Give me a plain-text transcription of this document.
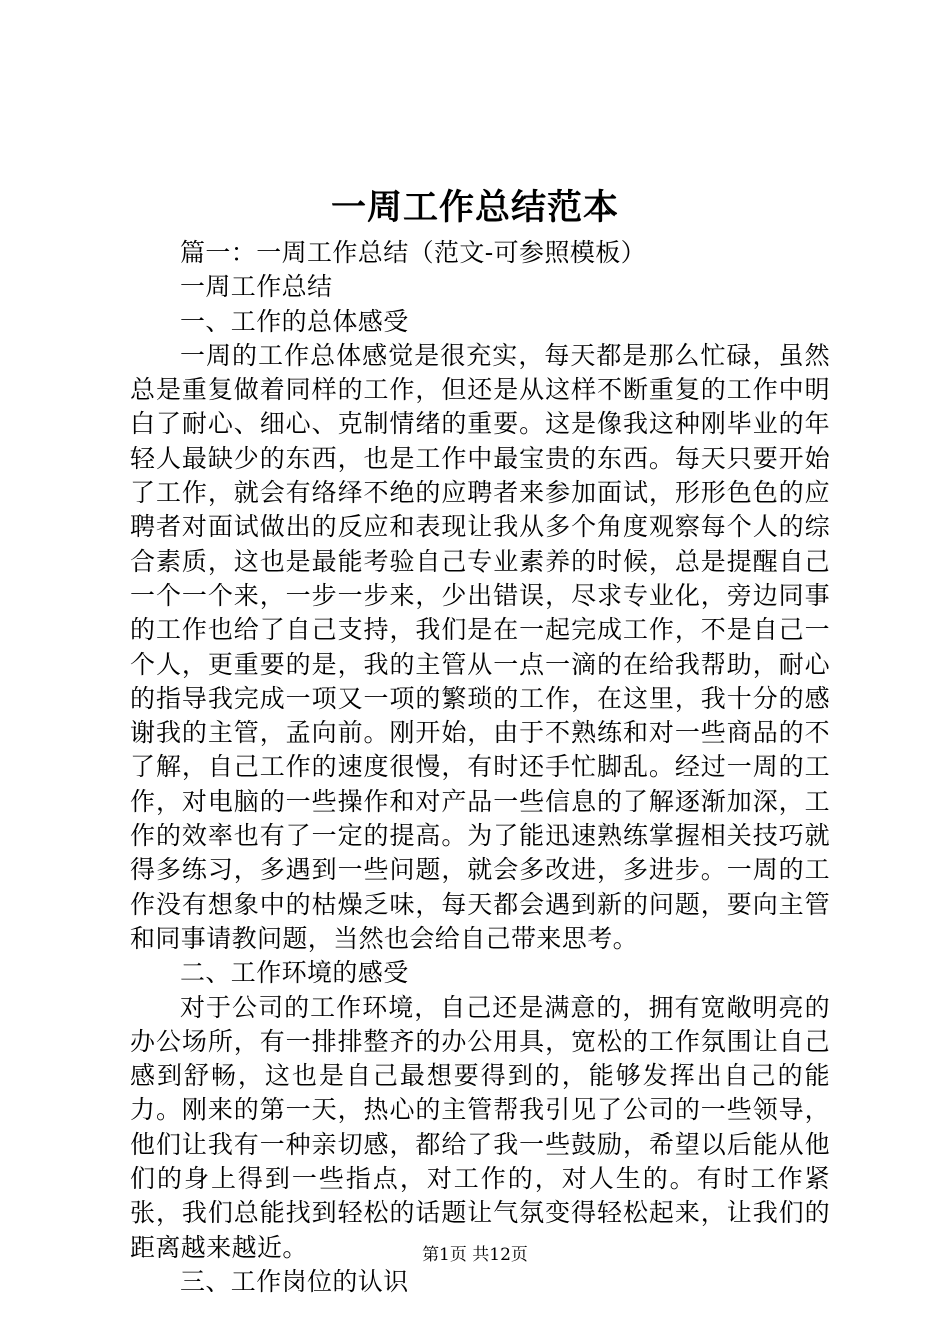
一周工作总结范本

篇一：一周工作总结（范文-可参照模板）

一周工作总结

一、工作的总体感受

一周的工作总体感觉是很充实，每天都是那么忙碌，虽然总是重复做着同样的工作，但还是从这样不断重复的工作中明白了耐心、细心、克制情绪的重要。这是像我这种刚毕业的年轻人最缺少的东西，也是工作中最宝贵的东西。每天只要开始了工作，就会有络绎不绝的应聘者来参加面试，形形色色的应聘者对面试做出的反应和表现让我从多个角度观察每个人的综合素质，这也是最能考验自己专业素养的时候，总是提醒自己一个一个来，一步一步来，少出错误，尽求专业化，旁边同事的工作也给了自己支持，我们是在一起完成工作，不是自己一个人，更重要的是，我的主管从一点一滴的在给我帮助，耐心的指导我完成一项又一项的繁琐的工作，在这里，我十分的感谢我的主管，孟向前。刚开始，由于不熟练和对一些商品的不了解，自己工作的速度很慢，有时还手忙脚乱。经过一周的工作，对电脑的一些操作和对产品一些信息的了解逐渐加深，工作的效率也有了一定的提高。为了能迅速熟练掌握相关技巧就得多练习，多遇到一些问题，就会多改进，多进步。一周的工作没有想象中的枯燥乏味，每天都会遇到新的问题，要向主管和同事请教问题，当然也会给自己带来思考。

二、工作环境的感受

对于公司的工作环境，自己还是满意的，拥有宽敞明亮的办公场所，有一排排整齐的办公用具，宽松的工作氛围让自己感到舒畅，这也是自己最想要得到的，能够发挥出自己的能力。刚来的第一天，热心的主管帮我引见了公司的一些领导，他们让我有一种亲切感，都给了我一些鼓励，希望以后能从他们的身上得到一些指点，对工作的，对人生的。有时工作紧张，我们总能找到轻松的话题让气氛变得轻松起来，让我们的距离越来越近。

三、工作岗位的认识

第1页 共12页
